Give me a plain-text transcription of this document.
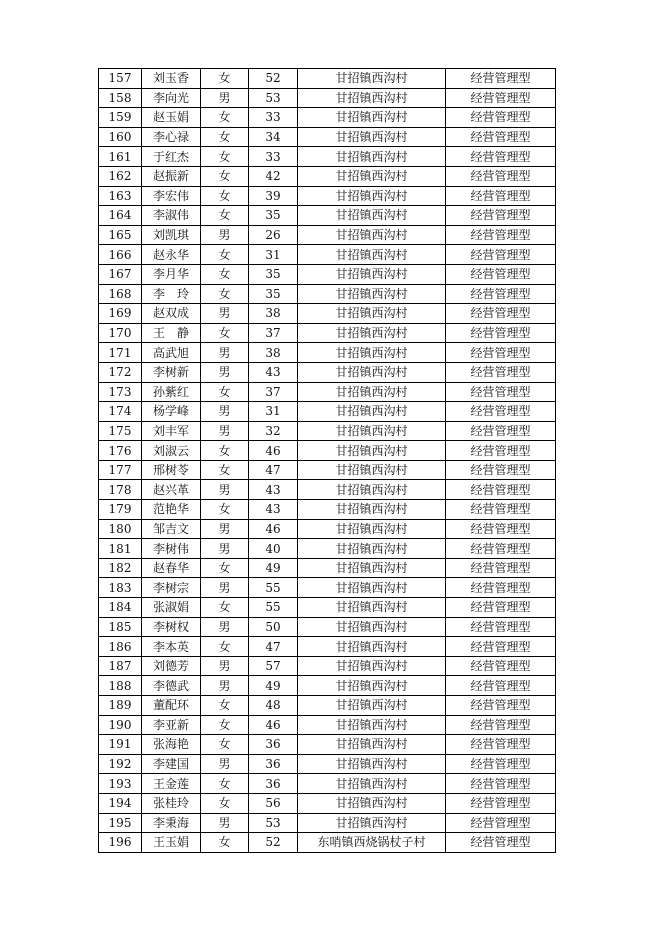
157	刘玉香	女	52	甘招镇西沟村	经营管理型
158	李向光	男	53	甘招镇西沟村	经营管理型
159	赵玉娟	女	33	甘招镇西沟村	经营管理型
160	李心禄	女	34	甘招镇西沟村	经营管理型
161	于红杰	女	33	甘招镇西沟村	经营管理型
162	赵振新	女	42	甘招镇西沟村	经营管理型
163	李宏伟	女	39	甘招镇西沟村	经营管理型
164	李淑伟	女	35	甘招镇西沟村	经营管理型
165	刘凯琪	男	26	甘招镇西沟村	经营管理型
166	赵永华	女	31	甘招镇西沟村	经营管理型
167	李月华	女	35	甘招镇西沟村	经营管理型
168	李　玲	女	35	甘招镇西沟村	经营管理型
169	赵双成	男	38	甘招镇西沟村	经营管理型
170	王　静	女	37	甘招镇西沟村	经营管理型
171	高武旭	男	38	甘招镇西沟村	经营管理型
172	李树新	男	43	甘招镇西沟村	经营管理型
173	孙紫红	女	37	甘招镇西沟村	经营管理型
174	杨学峰	男	31	甘招镇西沟村	经营管理型
175	刘丰军	男	32	甘招镇西沟村	经营管理型
176	刘淑云	女	46	甘招镇西沟村	经营管理型
177	邢树苓	女	47	甘招镇西沟村	经营管理型
178	赵兴革	男	43	甘招镇西沟村	经营管理型
179	范艳华	女	43	甘招镇西沟村	经营管理型
180	邹吉文	男	46	甘招镇西沟村	经营管理型
181	李树伟	男	40	甘招镇西沟村	经营管理型
182	赵春华	女	49	甘招镇西沟村	经营管理型
183	李树宗	男	55	甘招镇西沟村	经营管理型
184	张淑娟	女	55	甘招镇西沟村	经营管理型
185	李树权	男	50	甘招镇西沟村	经营管理型
186	李本英	女	47	甘招镇西沟村	经营管理型
187	刘德芳	男	57	甘招镇西沟村	经营管理型
188	李德武	男	49	甘招镇西沟村	经营管理型
189	董配环	女	48	甘招镇西沟村	经营管理型
190	李亚新	女	46	甘招镇西沟村	经营管理型
191	张海艳	女	36	甘招镇西沟村	经营管理型
192	李建国	男	36	甘招镇西沟村	经营管理型
193	王金莲	女	36	甘招镇西沟村	经营管理型
194	张桂玲	女	56	甘招镇西沟村	经营管理型
195	李秉海	男	53	甘招镇西沟村	经营管理型
196	王玉娟	女	52	东哨镇西烧锅杖子村	经营管理型
